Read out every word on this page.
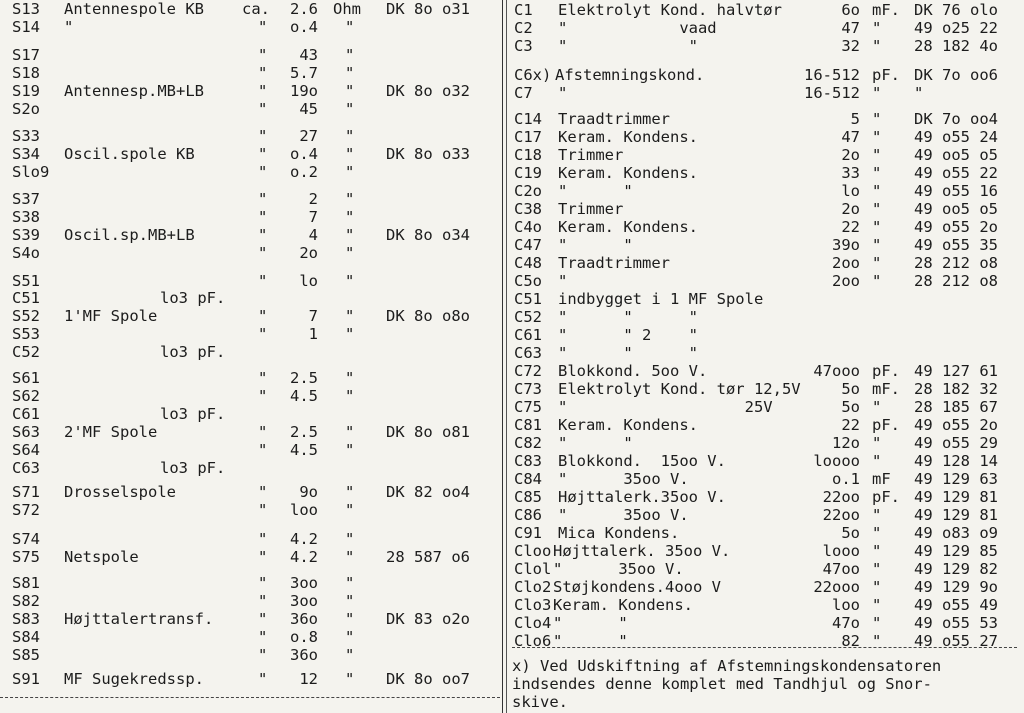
S13 Antennespole KB ca. 2.6 Ohm DK 8o o31
S14 "	" o.4 "
S17	" 43 "
S18	" 5.7 "
S19 Antennesp.MB+LB	" 19o " DK 8o o32
S2o	" 45 "
S33	" 27 "
S34 Oscil.spole KB	" o.4 " DK 8o o33
Slo9	" o.2 "
S37	"	2 "
S38	"	7 "
S39 Oscil.sp.MB+LB	"	4 " DK 8o o34
S4o	" 2o "
S51	" lo "
C51	lo3 pF.
S52 1'MF Spole	"	7 " DK 8o o8o
S53	"	1 "
C52	lo3 pF.
S61	" 2.5 "
S62	" 4.5 "
C61	lo3 pF.
S63 2'MF Spole	" 2.5 " DK 8o o81
S64	" 4.5 "
C63	lo3 pF.
S71 Drosselspole	" 9o " DK 82 oo4
S72	" loo "
S74	" 4.2 "
S75 Netspole	" 4.2 " 28 587 o6
S81	" 3oo "
S82	" 3oo "
S83 Højttalertransf.	" 36o " DK 83 o2o
S84	" o.8 "
S85	" 36o "
S91 MF Sugekredssp.	" 12 " DK 8o oo7
C1 Elektrolyt Kond. halvtør	6o mF. DK 76 olo
C2 "            vaad	47 " 49 o25 22
C3 "             "	32 " 28 182 4o
C6x) Afstemningskond.	16-512 pF. DK 7o oo6
C7 "	16-512 " "
C14 Traadtrimmer	5 " DK 7o oo4
C17 Keram. Kondens.	47 " 49 o55 24
C18 Trimmer	2o " 49 oo5 o5
C19 Keram. Kondens.	33 " 49 o55 22
C2o "      "	lo " 49 o55 16
C38 Trimmer	2o " 49 oo5 o5
C4o Keram. Kondens.	22 " 49 o55 2o
C47 "      "	39o " 49 o55 35
C48 Traadtrimmer	2oo " 28 212 o8
C5o "	2oo " 28 212 o8
C51 indbygget i 1 MF Spole
C52 "      "      "
C61 "      " 2    "
C63 "      "      "
C72 Blokkond. 5oo V.	47ooo pF. 49 127 61
C73 Elektrolyt Kond. tør 12,5V	5o mF. 28 182 32
C75 "                   25V	5o " 28 185 67
C81 Keram. Kondens.	22 pF. 49 o55 2o
C82 "      "	12o " 49 o55 29
C83 Blokkond.  15oo V.	loooo " 49 128 14
C84 "      35oo V.	o.1 mF 49 129 63
C85 Højttalerk.35oo V.	22oo pF. 49 129 81
C86 "      35oo V.	22oo " 49 129 81
C91 Mica Kondens.	5o " 49 o83 o9
Cloo Højttalerk. 35oo V.	looo " 49 129 85
Clol "      35oo V.	47oo " 49 129 82
Clo2 Støjkondens.4ooo V	22ooo " 49 129 9o
Clo3 Keram. Kondens.	loo " 49 o55 49
Clo4 "      "	47o " 49 o55 53
Clo6 "      "	82 " 49 o55 27
x) Ved Udskiftning af Afstemningskondensatoren
indsendes denne komplet med Tandhjul og Snor-
skive.
